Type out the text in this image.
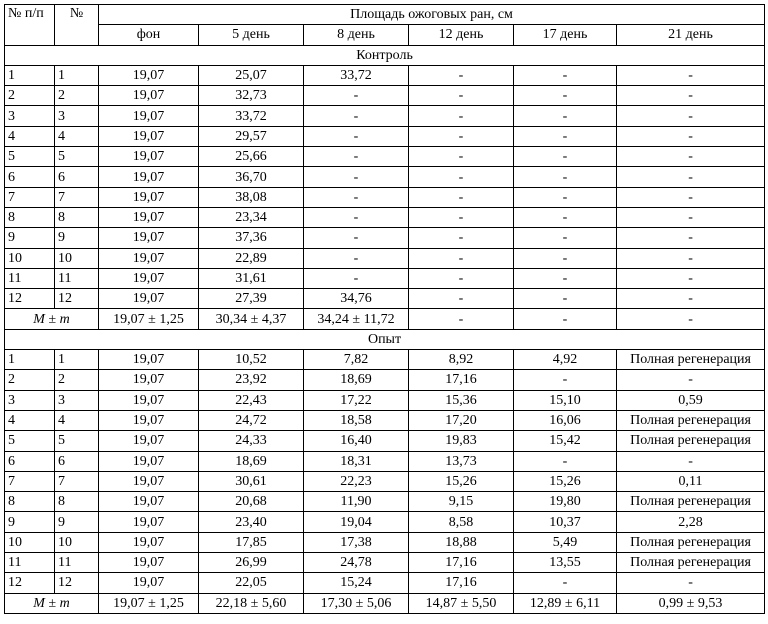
№ п/п	№	Площадь ожоговых ран, см					
		фон	5 день	8 день	12 день	17 день	21 день
Контроль							
1	1	19,07	25,07	33,72	-	-	-
2	2	19,07	32,73	-	-	-	-
3	3	19,07	33,72	-	-	-	-
4	4	19,07	29,57	-	-	-	-
5	5	19,07	25,66	-	-	-	-
6	6	19,07	36,70	-	-	-	-
7	7	19,07	38,08	-	-	-	-
8	8	19,07	23,34	-	-	-	-
9	9	19,07	37,36	-	-	-	-
10	10	19,07	22,89	-	-	-	-
11	11	19,07	31,61	-	-	-	-
12	12	19,07	27,39	34,76	-	-	-
M ± m		19,07 ± 1,25	30,34 ± 4,37	34,24 ± 11,72	-	-	-
Опыт							
1	1	19,07	10,52	7,82	8,92	4,92	Полная регенерация
2	2	19,07	23,92	18,69	17,16	-	-
3	3	19,07	22,43	17,22	15,36	15,10	0,59
4	4	19,07	24,72	18,58	17,20	16,06	Полная регенерация
5	5	19,07	24,33	16,40	19,83	15,42	Полная регенерация
6	6	19,07	18,69	18,31	13,73	-	-
7	7	19,07	30,61	22,23	15,26	15,26	0,11
8	8	19,07	20,68	11,90	9,15	19,80	Полная регенерация
9	9	19,07	23,40	19,04	8,58	10,37	2,28
10	10	19,07	17,85	17,38	18,88	5,49	Полная регенерация
11	11	19,07	26,99	24,78	17,16	13,55	Полная регенерация
12	12	19,07	22,05	15,24	17,16	-	-
M ± m		19,07 ± 1,25	22,18 ± 5,60	17,30 ± 5,06	14,87 ± 5,50	12,89 ± 6,11	0,99 ± 9,53
